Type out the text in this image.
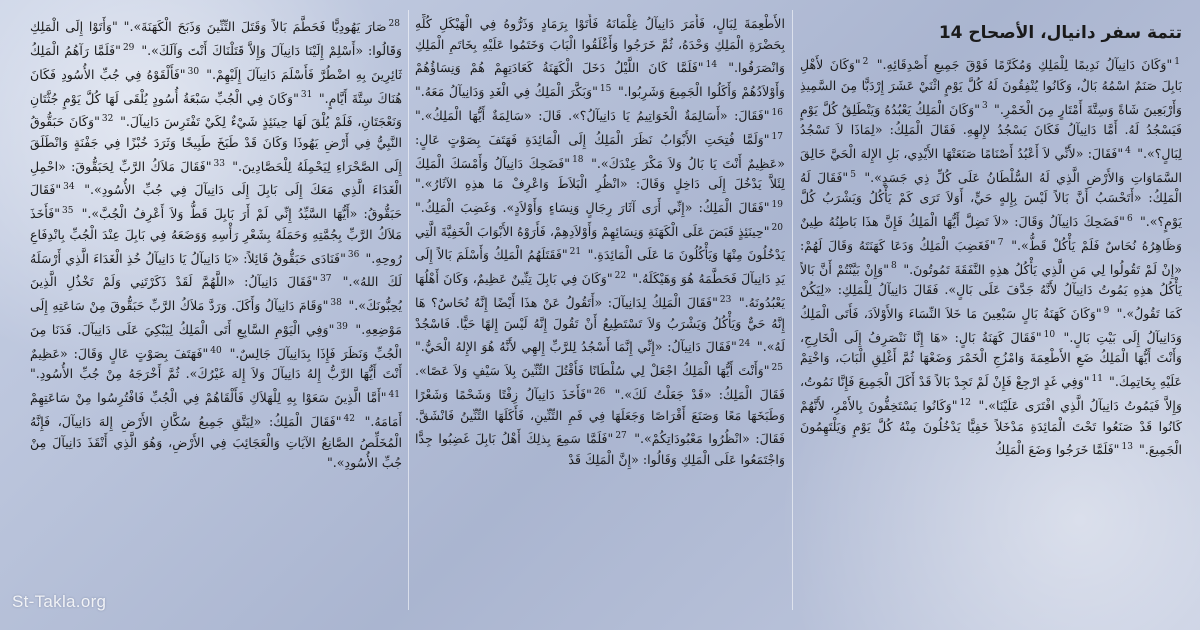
تتمة سفر دانيال، الأصحاح 14
$^1$"وَكَانَ دَانِيآلُ نَدِيمًا لِلْمَلِكِ وَمُكَرَّمًا فَوْقَ جَمِيعِ أَصْدِقَائِهِ." $^2$"وَكَانَ لأَهْلِ بَابِلَ صَنَمٌ اسْمُهُ بَالٌ، وَكَانُوا يُنْفِقُونَ لَهُ كُلَّ يَوْمٍ اثْنَيْ عَشَرَ إِرْدَبًّا مِنَ السَّمِيذِ وَأَرْبَعِينَ شَاةً وَسِتَّةَ أَمْتَارٍ مِنَ الْخَمْرِ." $^3$"وَكَانَ الْمَلِكُ يَعْبُدُهُ وَيَنْطَلِقُ كُلَّ يَوْمٍ فَيَسْجُدُ لَهُ. أَمَّا دَانِيآلُ فَكَانَ يَسْجُدُ لإِلهِهِ. فَقَالَ الْمَلِكُ: «لِمَاذَا لاَ تَسْجُدُ لِبَالٍ؟»." $^4$"فَقَالَ: «لأَنِّي لاَ أَعْبُدُ أَصْنَامًا صَنَعَتْهَا الأَيْدِي، بَلِ الإِلهَ الْحَيَّ خَالِقَ السَّمَاوَاتِ وَالأَرْضِ الَّذِي لَهُ السُّلْطَانُ عَلَى كُلِّ ذِي جَسَدٍ»." $^5$"فَقَالَ لَهُ الْمَلِكُ: «أَتَحْسَبُ أَنَّ بَالاً لَيْسَ بِإِلهٍ حَيٍّ، أَوَلاَ تَرَى كَمْ يَأْكُلُ وَيَشْرَبُ كُلَّ يَوْمٍ؟»." $^6$"فَضَحِكَ دَانِيآلُ وَقَالَ: «لاَ تَضِلَّ أَيُّهَا الْمَلِكُ فَإِنَّ هذَا بَاطِنُهُ طِينٌ وَظَاهِرُهُ نُحَاسٌ فَلَمْ يَأْكُلْ قَطُّ»." $^7$"فَغَضِبَ الْمَلِكُ وَدَعَا كَهَنَتَهُ وَقَالَ لَهُمْ: «إِنْ لَمْ تَقُولُوا لِي مَنِ الَّذِي يَأْكُلُ هذِهِ النَّفَقَةَ تَمُوتُونَ." $^8$"وَإِنْ بَيَّنْتُمْ أَنَّ بَالاً يَأْكُلُ هذِهِ يَمُوتُ دَانِيآلُ لأَنَّهُ جَدَّفَ عَلَى بَالٍ». فَقَالَ دَانِيآلُ لِلْمَلِكِ: «لِيَكُنْ كَمَا تَقُولُ»." $^9$"وَكَانَ كَهَنَةُ بَالٍ سَبْعِينَ مَا خَلاَ النِّسَاءَ وَالأَوْلاَدَ، فَأَتَى الْمَلِكُ وَدَانِيآلُ إِلَى بَيْتِ بَالٍ." $^{10}$"فَقَالَ كَهَنَةُ بَالٍ: «هَا إِنَّا نَنْصَرِفُ إِلَى الْخَارِجِ، وَأَنْتَ أَيُّهَا الْمَلِكُ ضَعِ الأَطْعِمَةَ وَامْزُجِ الْخَمْرَ وَضَعْهَا ثُمَّ أَغْلِقِ الْبَابَ، وَاخْتِمْ عَلَيْهِ بِخَاتِمِكَ." $^{11}$"وَفِي غَدٍ ارْجِعْ فَإِنْ لَمْ تَجِدْ بَالاً قَدْ أَكَلَ الْجَمِيعَ فَإِنَّا نَمُوتُ، وَإِلاَّ فَيَمُوتُ دَانِيآلُ الَّذِي افْتَرَى عَلَيْنَا»." $^{12}$"وَكَانُوا يَسْتَخِفُّونَ بِالأَمْرِ، لأَنَّهُمْ كَانُوا قَدْ صَنَعُوا تَحْتَ الْمَائِدَةِ مَدْخَلاً خَفِيًّا يَدْخُلُونَ مِنْهُ كُلَّ يَوْمٍ وَيَلْتَهِمُونَ الْجَمِيعَ." $^{13}$"فَلَمَّا خَرَجُوا وَضَعَ الْمَلِكُ
الأَطْعِمَةَ لِبَالٍ، فَأَمَرَ دَانِيآلُ غِلْمَانَهُ فَأَتَوْا بِرَمَادٍ وَذَرُّوهُ فِي الْهَيْكَلِ كُلِّهِ بِحَضْرَةِ الْمَلِكِ وَحْدَهُ، ثُمَّ خَرَجُوا وَأَغْلَقُوا الْبَابَ وَخَتَمُوا عَلَيْهِ بِخَاتَمِ الْمَلِكِ وَانْصَرَفُوا." $^{14}$"فَلَمَّا كَانَ اللَّيْلُ دَخَلَ الْكَهَنَةُ كَعَادَتِهِمْ هُمْ وَنِسَاؤُهُمْ وَأَوْلاَدُهُمْ وَأَكَلُوا الْجَمِيعَ وَشَرِبُوا." $^{15}$"وَبَكَّرَ الْمَلِكُ فِي الْغَدِ وَدَانِيآلُ مَعَهُ." $^{16}$"فَقَالَ: «أَسَالِمَةٌ الْخَوَاتِيمُ يَا دَانِيآلُ؟». قَالَ: «سَالِمَةٌ أَيُّهَا الْمَلِكُ»." $^{17}$"وَلَمَّا فُتِحَتِ الأَبْوَابُ نَظَرَ الْمَلِكُ إِلَى الْمَائِدَةِ فَهَتَفَ بِصَوْتٍ عَالٍ: «عَظِيمٌ أَنْتَ يَا بَالُ وَلاَ مَكْرَ عِنْدَكَ»." $^{18}$"فَضَحِكَ دَانِيآلُ وَأَمْسَكَ الْمَلِكَ لِئَلاَّ يَدْخُلَ إِلَى دَاخِلٍ وَقَالَ: «انْظُرِ الْبَلاَطَ وَاعْرِفْ مَا هذِهِ الآثَارُ»." $^{19}$"فَقَالَ الْمَلِكُ: «إِنِّي أَرَى آثَارَ رِجَالٍ وَنِسَاءٍ وَأَوْلاَدٍ». وَغَضِبَ الْمَلِكُ." $^{20}$"حِينَئِذٍ قَبَضَ عَلَى الْكَهَنَةِ وَنِسَائِهِمْ وَأَوْلاَدِهِمْ، فَأَرَوْهُ الأَبْوَابَ الْخَفِيَّةَ الَّتِي يَدْخُلُونَ مِنْهَا وَيَأْكُلُونَ مَا عَلَى الْمَائِدَةِ." $^{21}$"فَقَتَلَهُمُ الْمَلِكُ وَأَسْلَمَ بَالاً إِلَى يَدِ دَانِيآلَ فَحَطَّمَهُ هُوَ وَهَيْكَلَهُ." $^{22}$"وَكَانَ فِي بَابِلَ تِنِّينٌ عَظِيمٌ، وَكَانَ أَهْلُهَا يَعْبُدُونَهُ." $^{23}$"فَقَالَ الْمَلِكُ لِدَانِيآلَ: «أَتَقُولُ عَنْ هذَا أَيْضًا إِنَّهُ نُحَاسٌ؟ هَا إِنَّهُ حَيٌّ وَيَأْكُلُ وَيَشْرَبُ وَلاَ تَسْتَطِيعُ أَنْ تَقُولَ إِنَّهُ لَيْسَ إِلهًا حَيًّا. فَاسْجُدْ لَهُ»." $^{24}$"فَقَالَ دَانِيآلُ: «إِنِّي إِنَّمَا أَسْجُدُ لِلرَّبِّ إِلهِي لأَنَّهُ هُوَ الإِلهُ الْحَيُّ." $^{25}$"وَأَنْتَ أَيُّهَا الْمَلِكُ اجْعَلْ لِي سُلْطَانًا فَأَقْتُلَ التِّنِّينَ بِلاَ سَيْفٍ وَلاَ عَصًا». فَقَالَ الْمَلِكُ: «قَدْ جَعَلْتُ لَكَ»." $^{26}$"فَأَخَذَ دَانِيآلُ زِفْتًا وَشَحْمًا وَشَعْرًا وَطَبَخَهَا مَعًا وَصَنَعَ أَقْرَاصًا وَجَعَلَهَا فِي فَمِ التِّنِّينِ، فَأَكَلَهَا التِّنِّينُ فَانْشَقَّ. فَقَالَ: «انْظُرُوا مَعْبُودَاتِكُمْ»." $^{27}$"فَلَمَّا سَمِعَ بِذلِكَ أَهْلُ بَابِلَ غَضِبُوا جِدًّا وَاجْتَمَعُوا عَلَى الْمَلِكِ وَقَالُوا: «إِنَّ الْمَلِكَ قَدْ
$^{28}$صَارَ يَهُودِيًّا فَحَطَّمَ بَالاً وَقَتَلَ التِّنِّينَ وَذَبَحَ الْكَهَنَةَ»." "وَأَتَوْا إِلَى الْمَلِكِ وَقَالُوا: «أَسْلِمْ إِلَيْنَا دَانِيآلَ وَإِلاَّ قَتَلْنَاكَ أَنْتَ وَآلَكَ»." $^{29}$"فَلَمَّا رَآهُمُ الْمَلِكُ ثَائِرِينَ بِهِ اضْطُرَّ فَأَسْلَمَ دَانِيآلَ إِلَيْهِمْ." $^{30}$"فَأَلْقَوْهُ فِي جُبِّ الأُسُودِ فَكَانَ هُنَاكَ سِتَّةَ أَيَّامٍ." $^{31}$"وَكَانَ فِي الْجُبِّ سَبْعَةُ أُسُودٍ يُلْقَى لَهَا كُلَّ يَوْمٍ جُثَّتَانِ وَنَعْجَتَانِ، فَلَمْ يُلْقَ لَهَا حِينَئِذٍ شَيْءٌ لِكَيْ تَفْتَرِسَ دَانِيآلَ." $^{32}$"وَكَانَ حَبَقُّوقُ النَّبِيُّ فِي أَرْضِ يَهُوذَا وَكَانَ قَدْ طَبَخَ طَبِيخًا وَثَرَدَ خُبْزًا فِي جَفْنَةٍ وَانْطَلَقَ إِلَى الصَّحْرَاءِ لِيَحْمِلَهُ لِلْحَصَّادِينَ." $^{33}$"فَقَالَ مَلاَكُ الرَّبِّ لِحَبَقُّوقَ: «احْمِلِ الْغَدَاءَ الَّذِي مَعَكَ إِلَى بَابِلَ إِلَى دَانِيآلَ فِي جُبِّ الأُسُودِ»." $^{34}$"فَقَالَ حَبَقُّوقُ: «أَيُّهَا السَّيِّدُ إِنِّي لَمْ أَرَ بَابِلَ قَطُّ وَلاَ أَعْرِفُ الْجُبَّ»." $^{35}$"فَأَخَذَ مَلاَكُ الرَّبِّ بِجُمَّتِهِ وَحَمَلَهُ بِشَعْرِ رَأْسِهِ وَوَضَعَهُ فِي بَابِلَ عِنْدَ الْجُبِّ بِانْدِفَاعِ رُوحِهِ." $^{36}$"فَنَادَى حَبَقُّوقُ قَائِلاً: «يَا دَانِيآلُ يَا دَانِيآلُ خُذِ الْغَدَاءَ الَّذِي أَرْسَلَهُ لَكَ اللهُ»." $^{37}$"فَقَالَ دَانِيآلُ: «اللَّهُمَّ لَقَدْ ذَكَرْتَنِي وَلَمْ تَخْذُلِ الَّذِينَ يُحِبُّونَكَ»." $^{38}$"وَقَامَ دَانِيآلُ وَأَكَلَ. وَرَدَّ مَلاَكُ الرَّبِّ حَبَقُّوقَ مِنْ سَاعَتِهِ إِلَى مَوْضِعِهِ." $^{39}$"وَفِي الْيَوْمِ السَّابِعِ أَتَى الْمَلِكُ لِيَبْكِيَ عَلَى دَانِيآلَ. فَدَنَا مِنَ الْجُبِّ وَنَظَرَ فَإِذَا بِدَانِيآلَ جَالِسٌ." $^{40}$"فَهَتَفَ بِصَوْتٍ عَالٍ وَقَالَ: «عَظِيمٌ أَنْتَ أَيُّهَا الرَّبُّ إِلهُ دَانِيآلَ وَلاَ إِلهَ غَيْرُكَ». ثُمَّ أَخْرَجَهُ مِنْ جُبِّ الأُسُودِ." $^{41}$"أَمَّا الَّذِينَ سَعَوْا بِهِ لِلْهَلاَكِ فَأَلْقَاهُمْ فِي الْجُبِّ فَافْتُرِسُوا مِنْ سَاعَتِهِمْ أَمَامَهُ." $^{42}$"فَقَالَ الْمَلِكُ: «لِيَتَّقِ جَمِيعُ سُكَّانِ الأَرْضِ إِلهَ دَانِيآلَ، فَإِنَّهُ الْمُخَلِّصُ الصَّانِعُ الآيَاتِ وَالْعَجَائِبَ فِي الأَرْضِ، وَهُوَ الَّذِي أَنْقَذَ دَانِيآلَ مِنْ جُبِّ الأُسُودِ»."
St-Takla.org
